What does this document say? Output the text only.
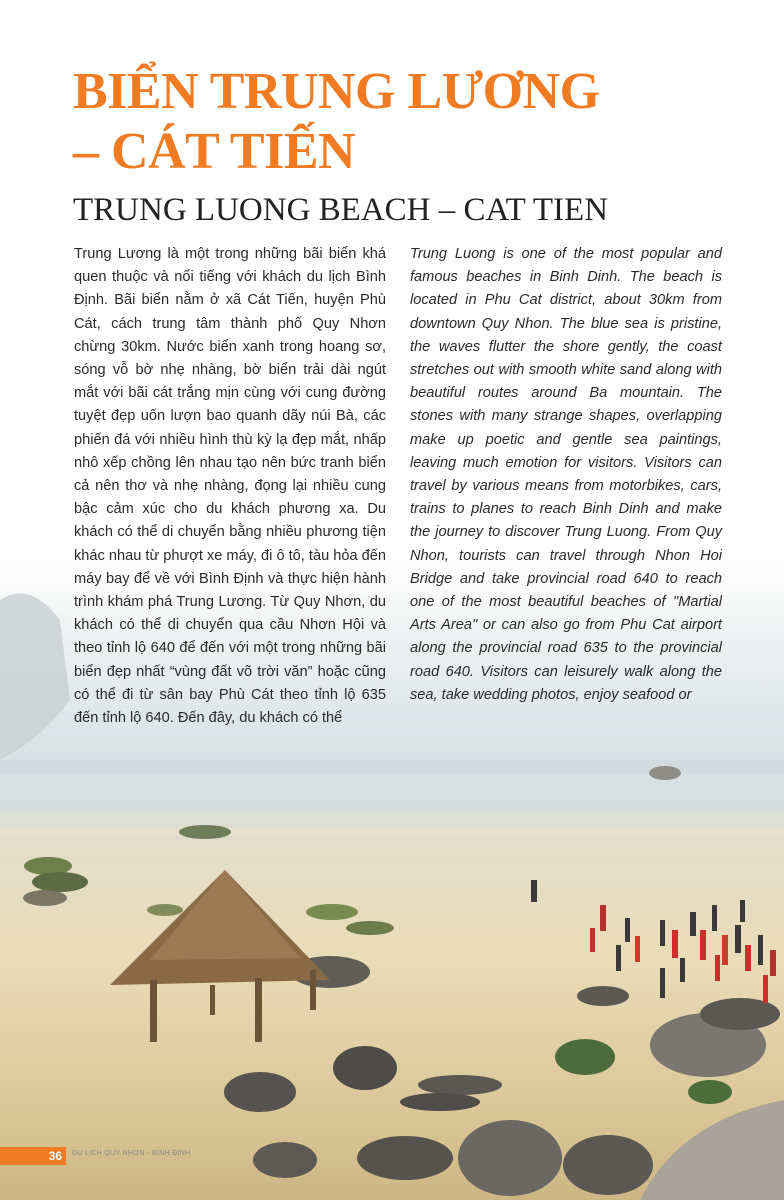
BIỂN TRUNG LƯƠNG
– CÁT TIẾN
TRUNG LUONG BEACH – CAT TIEN

Trung Lương là một trong những bãi biển khá quen thuộc và nổi tiếng với khách du lịch Bình Định. Bãi biển nằm ở xã Cát Tiến, huyện Phù Cát, cách trung tâm thành phố Quy Nhơn chừng 30km. Nước biển xanh trong hoang sơ, sóng vỗ bờ nhẹ nhàng, bờ biển trải dài ngút mắt với bãi cát trắng mịn cùng với cung đường tuyệt đẹp uốn lượn bao quanh dãy núi Bà, các phiến đá với nhiều hình thù kỳ lạ đẹp mắt, nhấp nhô xếp chồng lên nhau tạo nên bức tranh biển cả nên thơ và nhẹ nhàng, đọng lại nhiều cung bậc cảm xúc cho du khách phương xa. Du khách có thể di chuyển bằng nhiều phương tiện khác nhau từ phượt xe máy, đi ô tô, tàu hỏa đến máy bay để về với Bình Định và thực hiện hành trình khám phá Trung Lương. Từ Quy Nhơn, du khách có thể di chuyển qua cầu Nhơn Hội và theo tỉnh lộ 640 để đến với một trong những bãi biển đẹp nhất “vùng đất võ trời văn” hoặc cũng có thể đi từ sân bay Phù Cát theo tỉnh lộ 635 đến tỉnh lộ 640. Đến đây, du khách có thể

Trung Luong is one of the most popular and famous beaches in Binh Dinh. The beach is located in Phu Cat district, about 30km from downtown Quy Nhon. The blue sea is pristine, the waves flutter the shore gently, the coast stretches out with smooth white sand along with beautiful routes around Ba mountain. The stones with many strange shapes, overlapping make up poetic and gentle sea paintings, leaving much emotion for visitors. Visitors can travel by various means from motorbikes, cars, trains to planes to reach Binh Dinh and make the journey to discover Trung Luong. From Quy Nhon, tourists can travel through Nhon Hoi Bridge and take provincial road 640 to reach one of the most beautiful beaches of "Martial Arts Area" or can also go from Phu Cat airport along the provincial road 635 to the provincial road 640. Visitors can leisurely walk along the sea, take wedding photos, enjoy seafood or

36	DU LỊCH QUY NHƠN - BÌNH ĐỊNH
